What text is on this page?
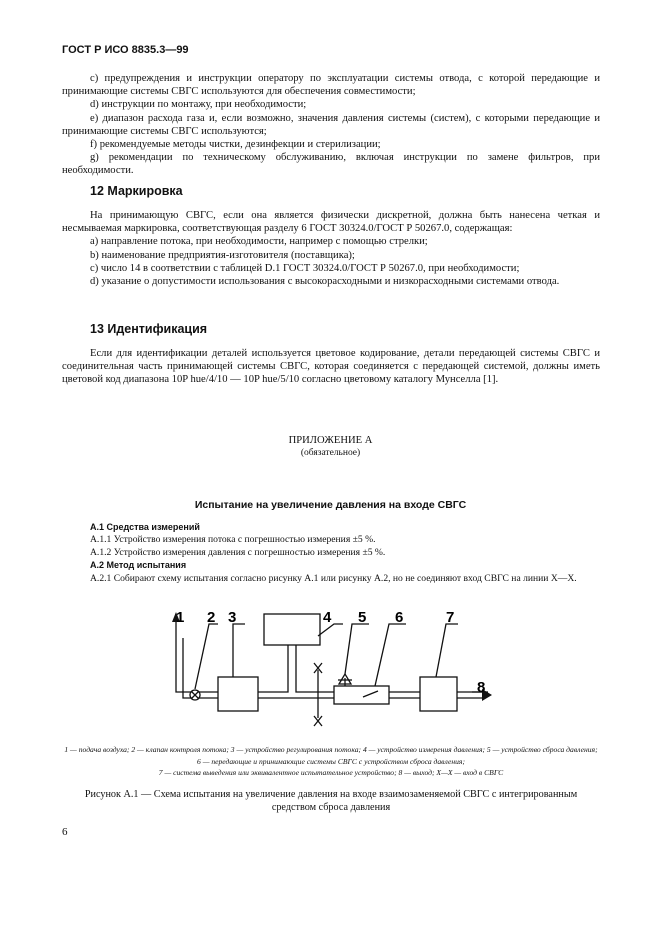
ГОСТ Р ИСО 8835.3—99

c) предупреждения и инструкции оператору по эксплуатации системы отвода, с которой передающие и принимающие системы СВГС используются для обеспечения совместимости;

d) инструкции по монтажу, при необходимости;

e) диапазон расхода газа и, если возможно, значения давления системы (систем), с которыми передающие и принимающие системы СВГС используются;

f) рекомендуемые методы чистки, дезинфекции и стерилизации;

g) рекомендации по техническому обслуживанию, включая инструкции по замене фильтров, при необходимости.

12 Маркировка

На принимающую СВГС, если она является физически дискретной, должна быть нанесена четкая и несмываемая маркировка, соответствующая разделу 6 ГОСТ 30324.0/ГОСТ Р 50267.0, содержащая:

a) направление потока, при необходимости, например с помощью стрелки;

b) наименование предприятия-изготовителя (поставщика);

c) число 14 в соответствии с таблицей D.1 ГОСТ 30324.0/ГОСТ Р 50267.0, при необходимости;

d) указание о допустимости использования с высокорасходными и низкорасходными системами отвода.

13 Идентификация

Если для идентификации деталей используется цветовое кодирование, детали передающей системы СВГС и соединительная часть принимающей системы СВГС, которая соединяется с передающей системой, должны иметь цветовой код диапазона 10P hue/4/10 — 10P hue/5/10 согласно цветовому каталогу Мунселла [1].

ПРИЛОЖЕНИЕ А
(обязательное)
Испытание на увеличение давления на входе СВГС

А.1 Средства измерений

А.1.1 Устройство измерения потока с погрешностью измерения ±5 %.

А.1.2 Устройство измерения давления с погрешностью измерения ±5 %.

А.2 Метод испытания

А.2.1 Собирают схему испытания согласно рисунку А.1 или рисунку А.2, но не соединяют вход СВГС на линии X—X.

1 2 3	4 5 6	7
8
1 — подача воздуха; 2 — клапан контроля потока; 3 — устройство регулирования потока; 4 — устройство измерения давления; 5 — устройство сброса давления; 6 — передающие и принимающие системы СВГС с устройством сброса давления;
7 — система выведения или эквивалентное испытательное устройство; 8 — выход; X—X — вход в СВГС
Рисунок А.1 — Схема испытания на увеличение давления на входе взаимозаменяемой СВГС с интегрированным средством сброса давления
6
